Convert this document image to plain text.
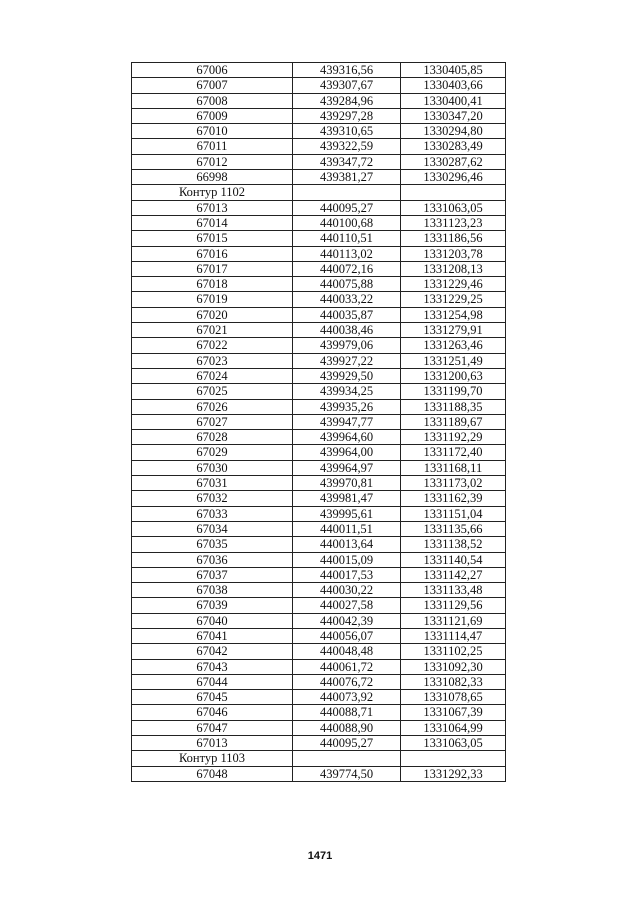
67006	439316,56	1330405,85
67007	439307,67	1330403,66
67008	439284,96	1330400,41
67009	439297,28	1330347,20
67010	439310,65	1330294,80
67011	439322,59	1330283,49
67012	439347,72	1330287,62
66998	439381,27	1330296,46
Контур 1102		
67013	440095,27	1331063,05
67014	440100,68	1331123,23
67015	440110,51	1331186,56
67016	440113,02	1331203,78
67017	440072,16	1331208,13
67018	440075,88	1331229,46
67019	440033,22	1331229,25
67020	440035,87	1331254,98
67021	440038,46	1331279,91
67022	439979,06	1331263,46
67023	439927,22	1331251,49
67024	439929,50	1331200,63
67025	439934,25	1331199,70
67026	439935,26	1331188,35
67027	439947,77	1331189,67
67028	439964,60	1331192,29
67029	439964,00	1331172,40
67030	439964,97	1331168,11
67031	439970,81	1331173,02
67032	439981,47	1331162,39
67033	439995,61	1331151,04
67034	440011,51	1331135,66
67035	440013,64	1331138,52
67036	440015,09	1331140,54
67037	440017,53	1331142,27
67038	440030,22	1331133,48
67039	440027,58	1331129,56
67040	440042,39	1331121,69
67041	440056,07	1331114,47
67042	440048,48	1331102,25
67043	440061,72	1331092,30
67044	440076,72	1331082,33
67045	440073,92	1331078,65
67046	440088,71	1331067,39
67047	440088,90	1331064,99
67013	440095,27	1331063,05
Контур 1103		
67048	439774,50	1331292,33
1471
